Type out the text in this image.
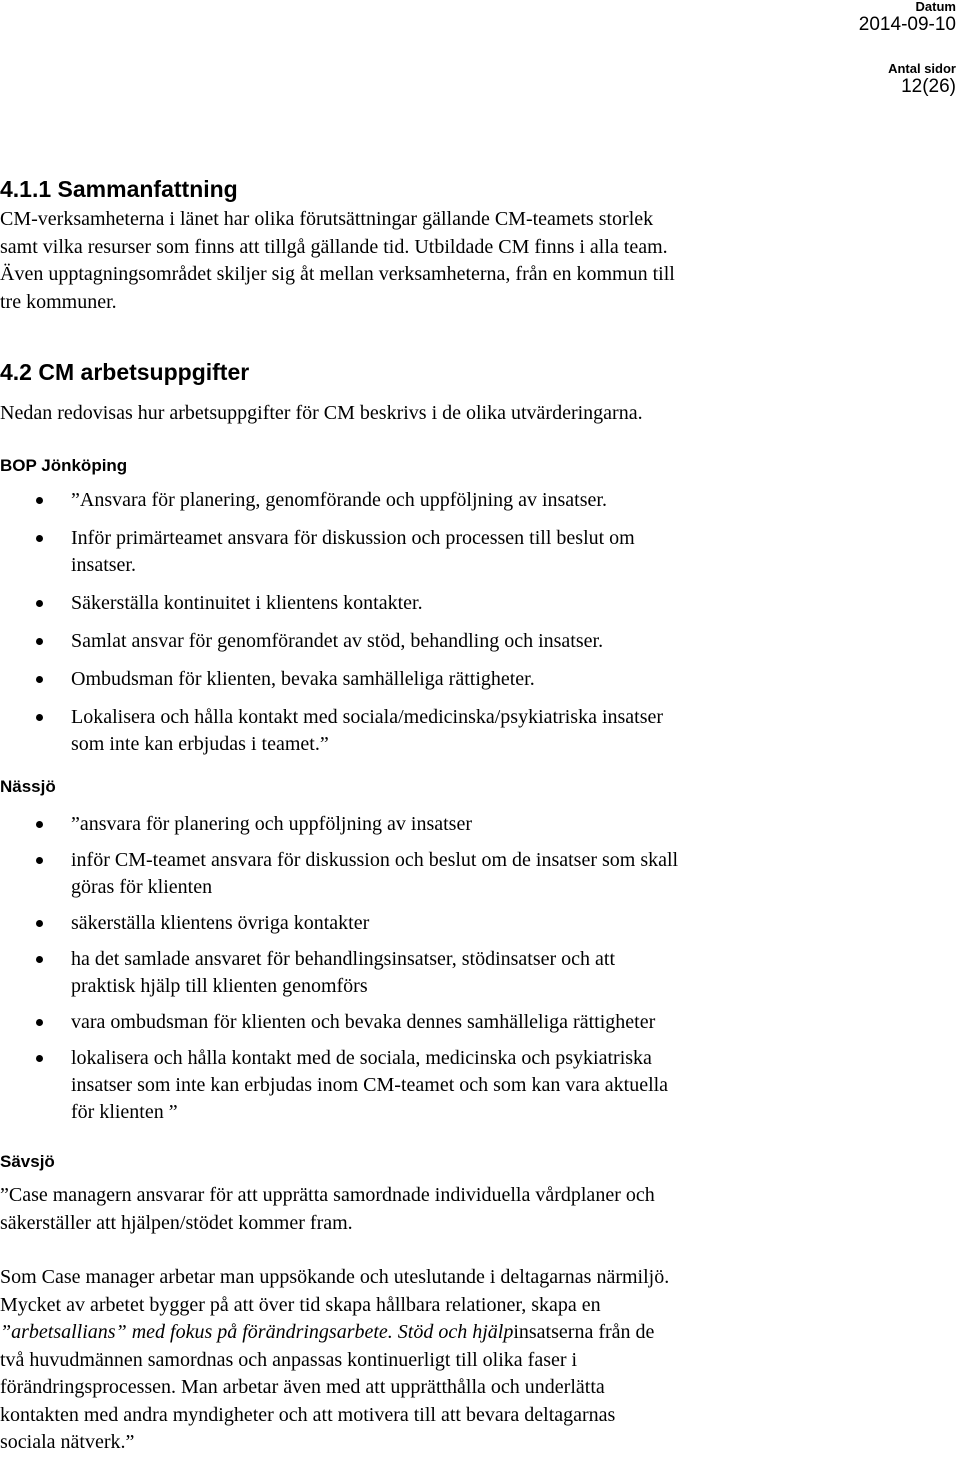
Datum
2014-09-10
Antal sidor
12(26)
4.1.1 Sammanfattning

CM-verksamheterna i länet har olika förutsättningar gällande CM-teamets storlek
samt vilka resurser som finns att tillgå gällande tid. Utbildade CM finns i alla team.
Även upptagningsområdet skiljer sig åt mellan verksamheterna, från en kommun till
tre kommuner.

4.2 CM arbetsuppgifter

Nedan redovisas hur arbetsuppgifter för CM beskrivs i de olika utvärderingarna.

BOP Jönköping
”Ansvara för planering, genomförande och uppföljning av insatser.
Inför primärteamet ansvara för diskussion och processen till beslut om
insatser.
Säkerställa kontinuitet i klientens kontakter.
Samlat ansvar för genomförandet av stöd, behandling och insatser.
Ombudsman för klienten, bevaka samhälleliga rättigheter.
Lokalisera och hålla kontakt med sociala/medicinska/psykiatriska insatser
som inte kan erbjudas i teamet.”
Nässjö
”ansvara för planering och uppföljning av insatser
inför CM-teamet ansvara för diskussion och beslut om de insatser som skall
göras för klienten
säkerställa klientens övriga kontakter
ha det samlade ansvaret för behandlingsinsatser, stödinsatser och att
praktisk hjälp till klienten genomförs
vara ombudsman för klienten och bevaka dennes samhälleliga rättigheter
lokalisera och hålla kontakt med de sociala, medicinska och psykiatriska
insatser som inte kan erbjudas inom CM-teamet och som kan vara aktuella
för klienten ”
Sävsjö

”Case managern ansvarar för att upprätta samordnade individuella vårdplaner och
säkerställer att hjälpen/stödet kommer fram.

Som Case manager arbetar man uppsökande och uteslutande i deltagarnas närmiljö.
Mycket av arbetet bygger på att över tid skapa hållbara relationer, skapa en
”arbetsallians” med fokus på förändringsarbete. Stöd och hjälpinsatserna från de
två huvudmännen samordnas och anpassas kontinuerligt till olika faser i
förändringsprocessen. Man arbetar även med att upprätthålla och underlätta
kontakten med andra myndigheter och att motivera till att bevara deltagarnas
sociala nätverk.”
